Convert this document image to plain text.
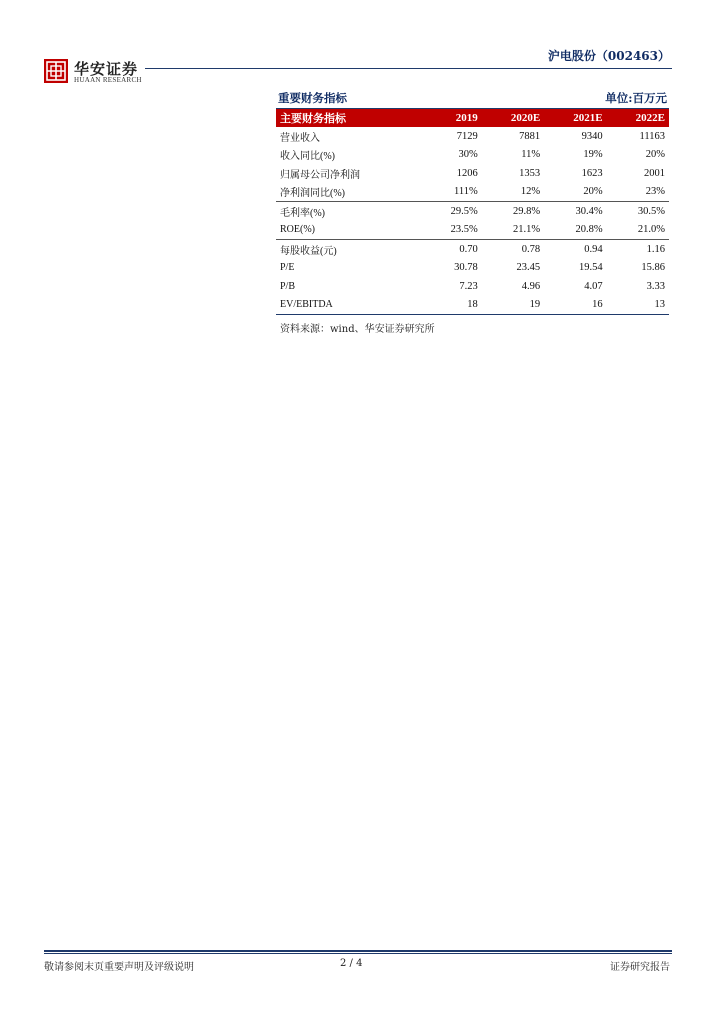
华安证券
HUAAN RESEARCH
沪电股份（002463）
重要财务指标	单位:百万元
主要财务指标	2019	2020E	2021E	2022E
营业收入	7129	7881	9340	11163
收入同比(%)	30%	11%	19%	20%
归属母公司净利润	1206	1353	1623	2001
净利润同比(%)	111%	12%	20%	23%
毛利率(%)	29.5%	29.8%	30.4%	30.5%
ROE(%)	23.5%	21.1%	20.8%	21.0%
每股收益(元)	0.70	0.78	0.94	1.16
P/E	30.78	23.45	19.54	15.86
P/B	7.23	4.96	4.07	3.33
EV/EBITDA	18	19	16	13
资料来源：wind、华安证券研究所
敬请参阅末页重要声明及评级说明	2 / 4	证券研究报告
